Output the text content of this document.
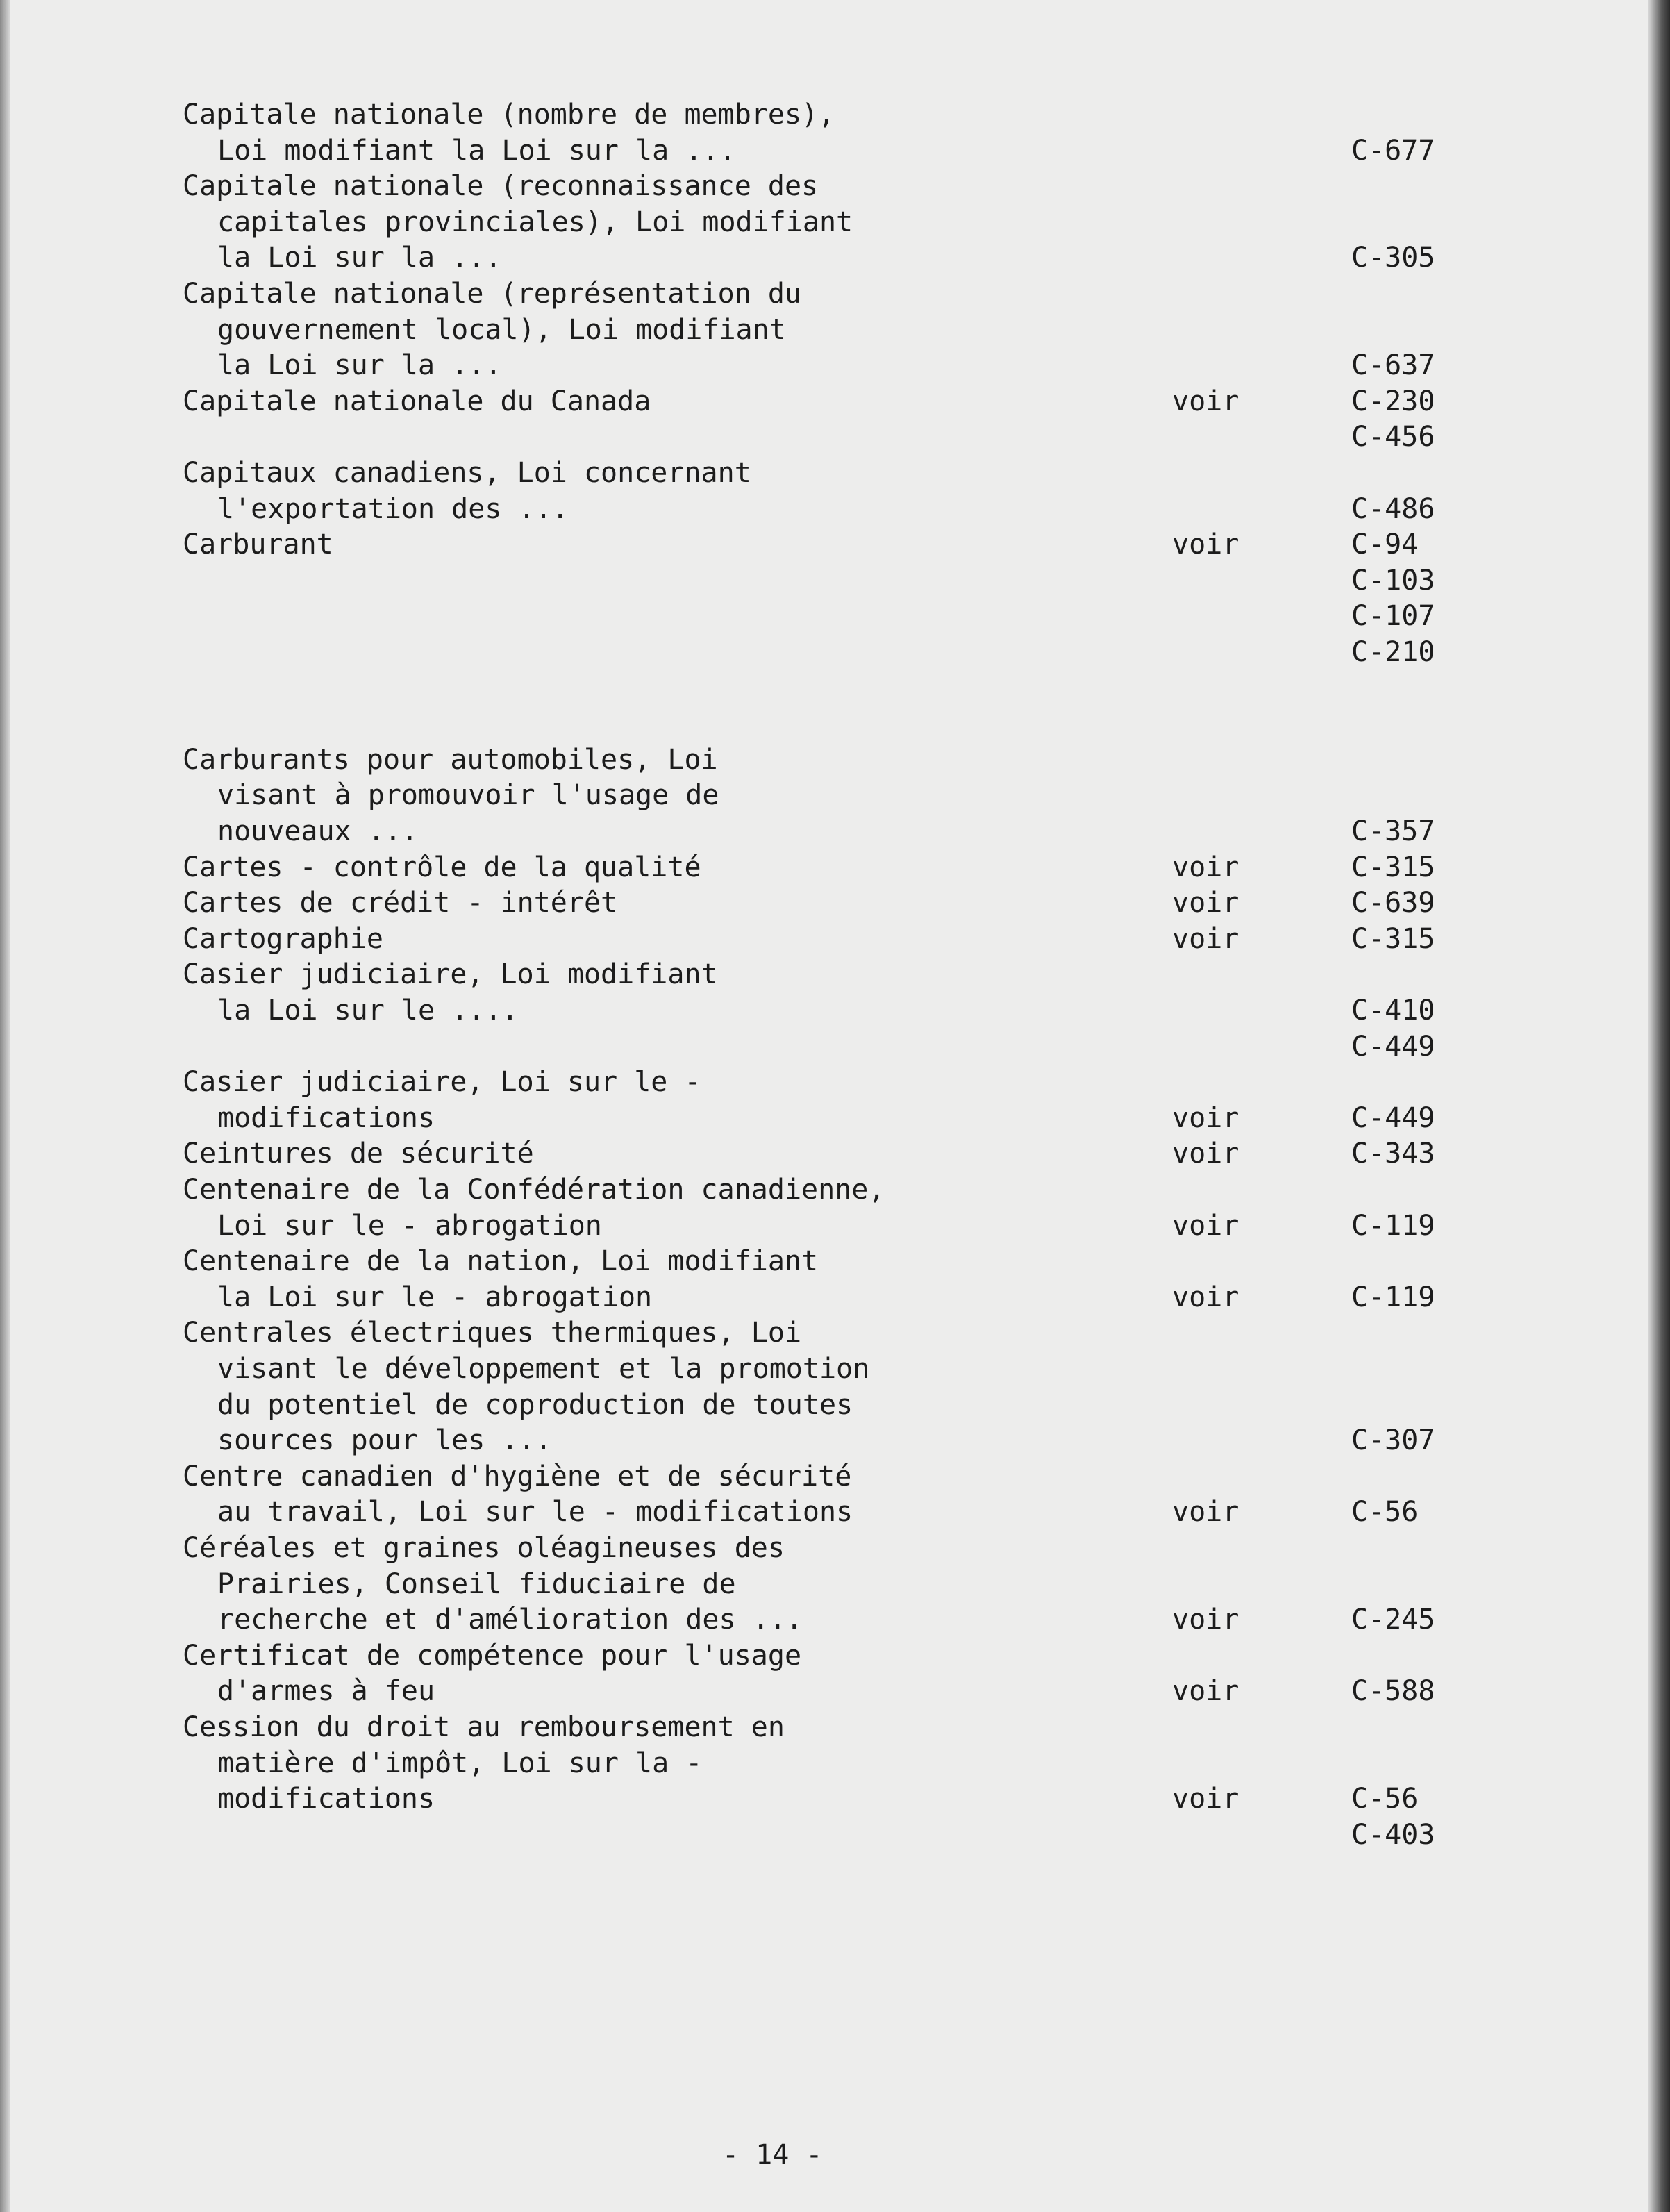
Capitale nationale (nombre de membres),
Loi modifiant la Loi sur la ...	C-677
Capitale nationale (reconnaissance des
capitales provinciales), Loi modifiant
la Loi sur la ...	C-305
Capitale nationale (représentation du
gouvernement local), Loi modifiant
la Loi sur la ...	C-637
Capitale nationale du Canada	voir	C-230
C-456
Capitaux canadiens, Loi concernant
l'exportation des ...	C-486
Carburant	voir	C-94
C-103
C-107
C-210
Carburants pour automobiles, Loi
visant à promouvoir l'usage de
nouveaux ...	C-357
Cartes - contrôle de la qualité	voir	C-315
Cartes de crédit - intérêt	voir	C-639
Cartographie	voir	C-315
Casier judiciaire, Loi modifiant
la Loi sur le ....	C-410
C-449
Casier judiciaire, Loi sur le -
modifications	voir	C-449
Ceintures de sécurité	voir	C-343
Centenaire de la Confédération canadienne,
Loi sur le - abrogation	voir	C-119
Centenaire de la nation, Loi modifiant
la Loi sur le - abrogation	voir	C-119
Centrales électriques thermiques, Loi
visant le développement et la promotion
du potentiel de coproduction de toutes
sources pour les ...	C-307
Centre canadien d'hygiène et de sécurité
au travail, Loi sur le - modifications	voir	C-56
Céréales et graines oléagineuses des
Prairies, Conseil fiduciaire de
recherche et d'amélioration des ...	voir	C-245
Certificat de compétence pour l'usage
d'armes à feu	voir	C-588
Cession du droit au remboursement en
matière d'impôt, Loi sur la -
modifications	voir	C-56
C-403
- 14 -
